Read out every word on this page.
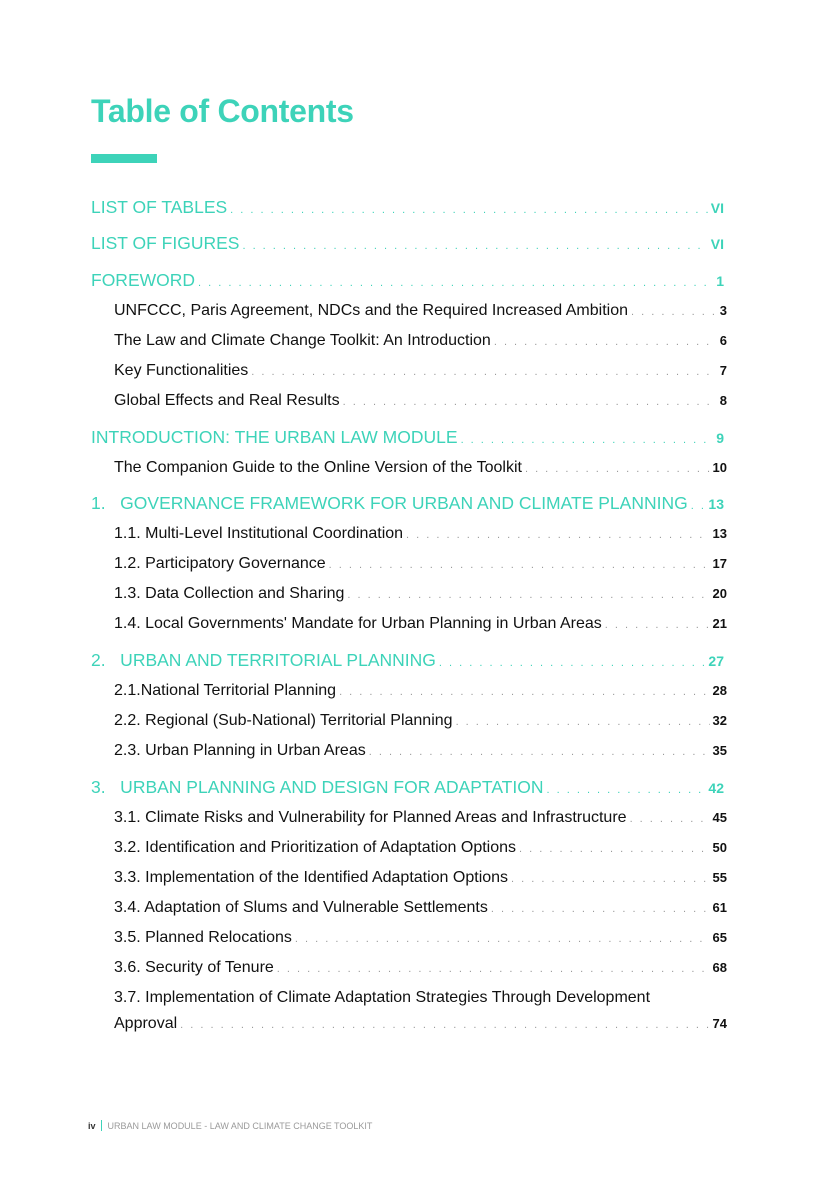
Table of Contents
LIST OF TABLES . . .	VI
LIST OF FIGURES . . .	VI
FOREWORD . . .	1
UNFCCC, Paris Agreement, NDCs and the Required Increased Ambition . . .	3
The Law and Climate Change Toolkit: An Introduction . . .	6
Key Functionalities . . .	7
Global Effects and Real Results . . .	8
INTRODUCTION: THE URBAN LAW MODULE . . .	9
The Companion Guide to the Online Version of the Toolkit . . .	10
1.   GOVERNANCE FRAMEWORK FOR URBAN AND CLIMATE PLANNING . . . 13
1.1. Multi-Level Institutional Coordination . . .	13
1.2. Participatory Governance . . .	17
1.3. Data Collection and Sharing . . .	20
1.4. Local Governments' Mandate for Urban Planning in Urban Areas . . .	21
2.   URBAN AND TERRITORIAL PLANNING . . .	27
2.1.National Territorial Planning . . .	28
2.2. Regional (Sub-National) Territorial Planning . . .	32
2.3. Urban Planning in Urban Areas . . .	35
3.   URBAN PLANNING AND DESIGN FOR ADAPTATION . . .	42
3.1. Climate Risks and Vulnerability for Planned Areas and Infrastructure . . .	45
3.2. Identification and Prioritization of Adaptation Options . . .	50
3.3. Implementation of the Identified Adaptation Options . . .	55
3.4. Adaptation of Slums and Vulnerable Settlements . . .	61
3.5. Planned Relocations . . .	65
3.6. Security of Tenure . . .	68
3.7. Implementation of Climate Adaptation Strategies Through Development
Approval . . .	74
iv URBAN LAW MODULE - LAW AND CLIMATE CHANGE TOOLKIT
